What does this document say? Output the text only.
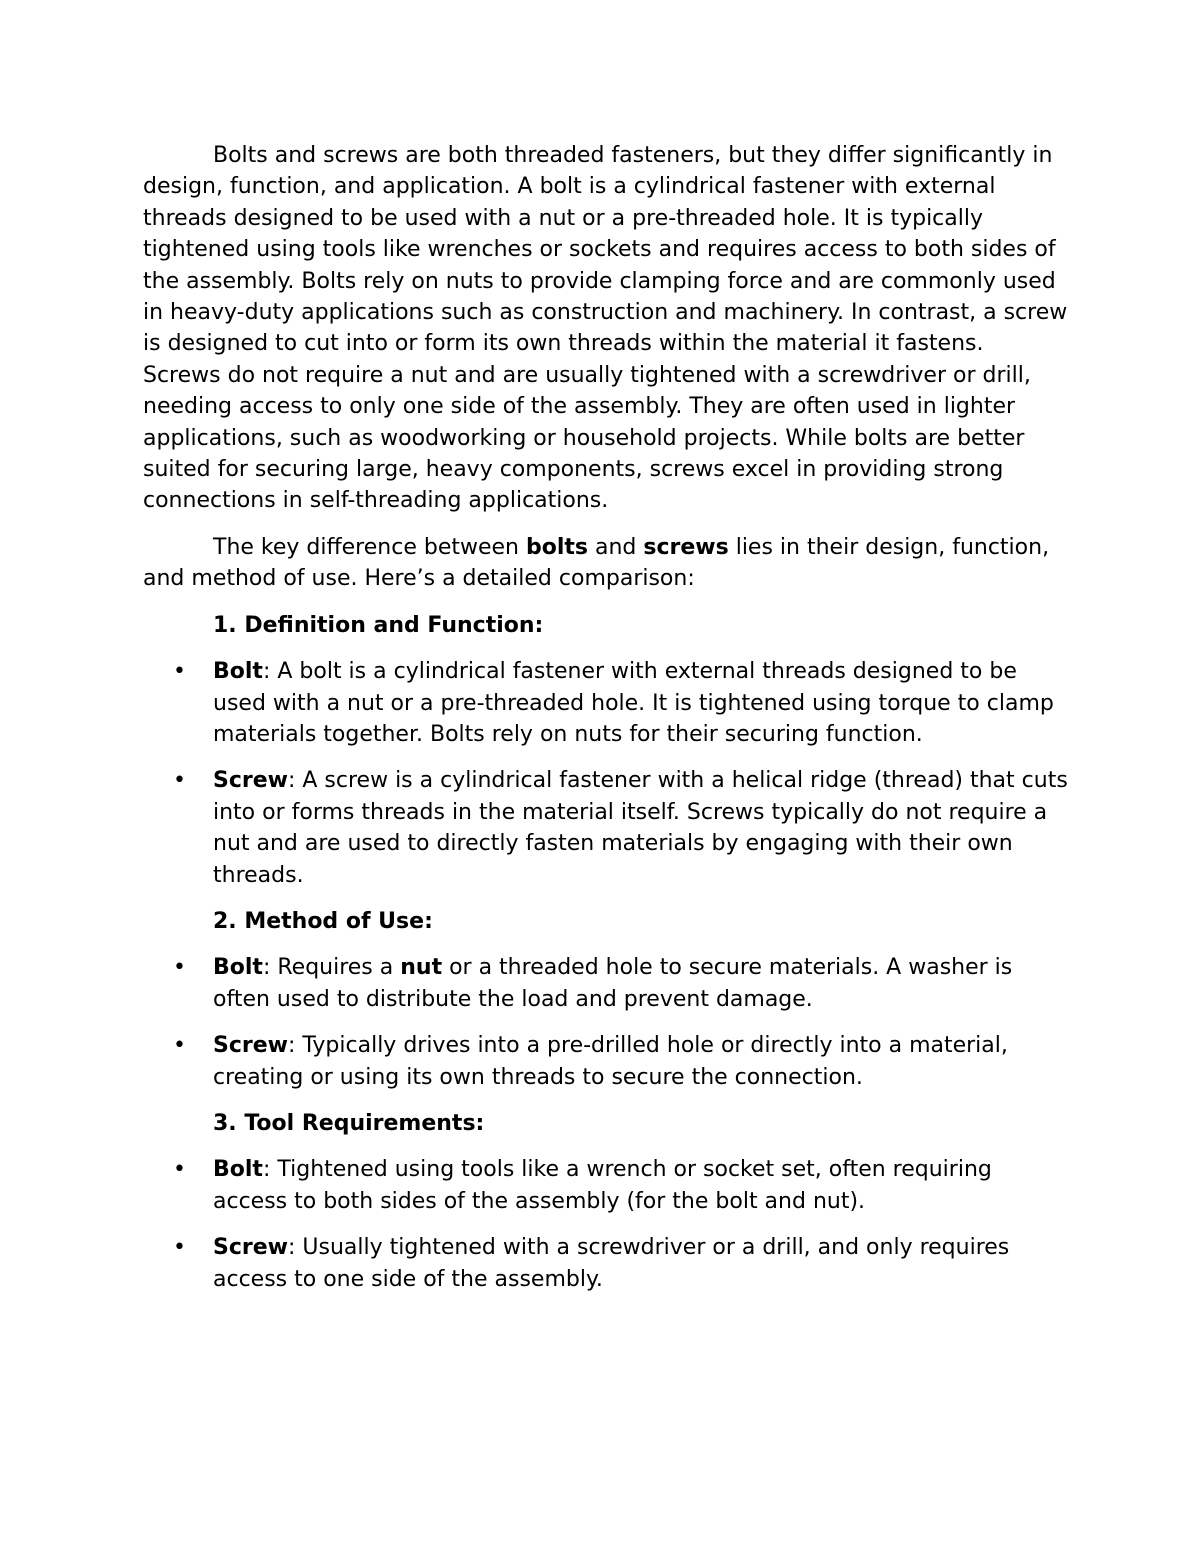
Bolts and screws are both threaded fasteners, but they differ significantly in design, function, and application. A bolt is a cylindrical fastener with external threads designed to be used with a nut or a pre-threaded hole. It is typically tightened using tools like wrenches or sockets and requires access to both sides of the assembly. Bolts rely on nuts to provide clamping force and are commonly used in heavy-duty applications such as construction and machinery. In contrast, a screw is designed to cut into or form its own threads within the material it fastens. Screws do not require a nut and are usually tightened with a screwdriver or drill, needing access to only one side of the assembly. They are often used in lighter applications, such as woodworking or household projects. While bolts are better suited for securing large, heavy components, screws excel in providing strong connections in self-threading applications.

The key difference between bolts and screws lies in their design, function, and method of use. Here’s a detailed comparison:

1. Definition and Function:

• Bolt: A bolt is a cylindrical fastener with external threads designed to be used with a nut or a pre-threaded hole. It is tightened using torque to clamp materials together. Bolts rely on nuts for their securing function.
• Screw: A screw is a cylindrical fastener with a helical ridge (thread) that cuts into or forms threads in the material itself. Screws typically do not require a nut and are used to directly fasten materials by engaging with their own threads.

2. Method of Use:

• Bolt: Requires a nut or a threaded hole to secure materials. A washer is often used to distribute the load and prevent damage.
• Screw: Typically drives into a pre-drilled hole or directly into a material, creating or using its own threads to secure the connection.

3. Tool Requirements:

• Bolt: Tightened using tools like a wrench or socket set, often requiring access to both sides of the assembly (for the bolt and nut).
• Screw: Usually tightened with a screwdriver or a drill, and only requires access to one side of the assembly.
